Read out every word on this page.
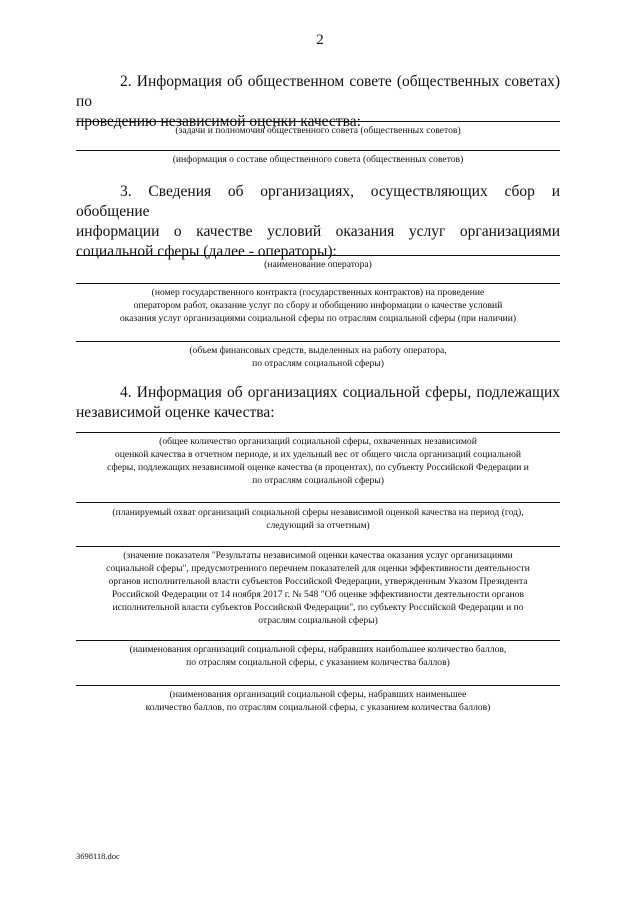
2
2. Информация об общественном совете (общественных советах) по
проведению независимой оценки качества:
(задачи и полномочия общественного совета (общественных советов)
(информация о составе общественного совета (общественных советов)
3. Сведения об организациях, осуществляющих сбор и обобщение
информации о качестве условий оказания услуг организациями
социальной сферы (далее - операторы):
(наименование оператора)
(номер государственного контракта (государственных контрактов) на проведение
оператором работ, оказание услуг по сбору и обобщению информации о качестве условий
оказания услуг организациями социальной сферы по отраслям социальной сферы (при наличии)
(объем финансовых средств, выделенных на работу оператора,
по отраслям социальной сферы)
4. Информация об организациях социальной сферы, подлежащих
независимой оценке качества:
(общее количество организаций социальной сферы, охваченных независимой
оценкой качества в отчетном периоде, и их удельный вес от общего числа организаций социальной
сферы, подлежащих независимой оценке качества (в процентах), по субъекту Российской Федерации и
по отраслям социальной сферы)
(планируемый охват организаций социальной сферы независимой оценкой качества на период (год),
следующий за отчетным)
(значение показателя "Результаты независимой оценки качества оказания услуг организациями
социальной сферы", предусмотренного перечнем показателей для оценки эффективности деятельности
органов исполнительной власти субъектов Российской Федерации, утвержденным Указом Президента
Российской Федерации от 14 ноября 2017 г. № 548 "Об оценке эффективности деятельности органов
исполнительной власти субъектов Российской Федерации", по субъекту Российской Федерации и по
отраслям социальной сферы)
(наименования организаций социальной сферы, набравших наибольшее количество баллов,
по отраслям социальной сферы, с указанием количества баллов)
(наименования организаций социальной сферы, набравших наименьшее
количество баллов, по отраслям социальной сферы, с указанием количества баллов)
3698118.doc
